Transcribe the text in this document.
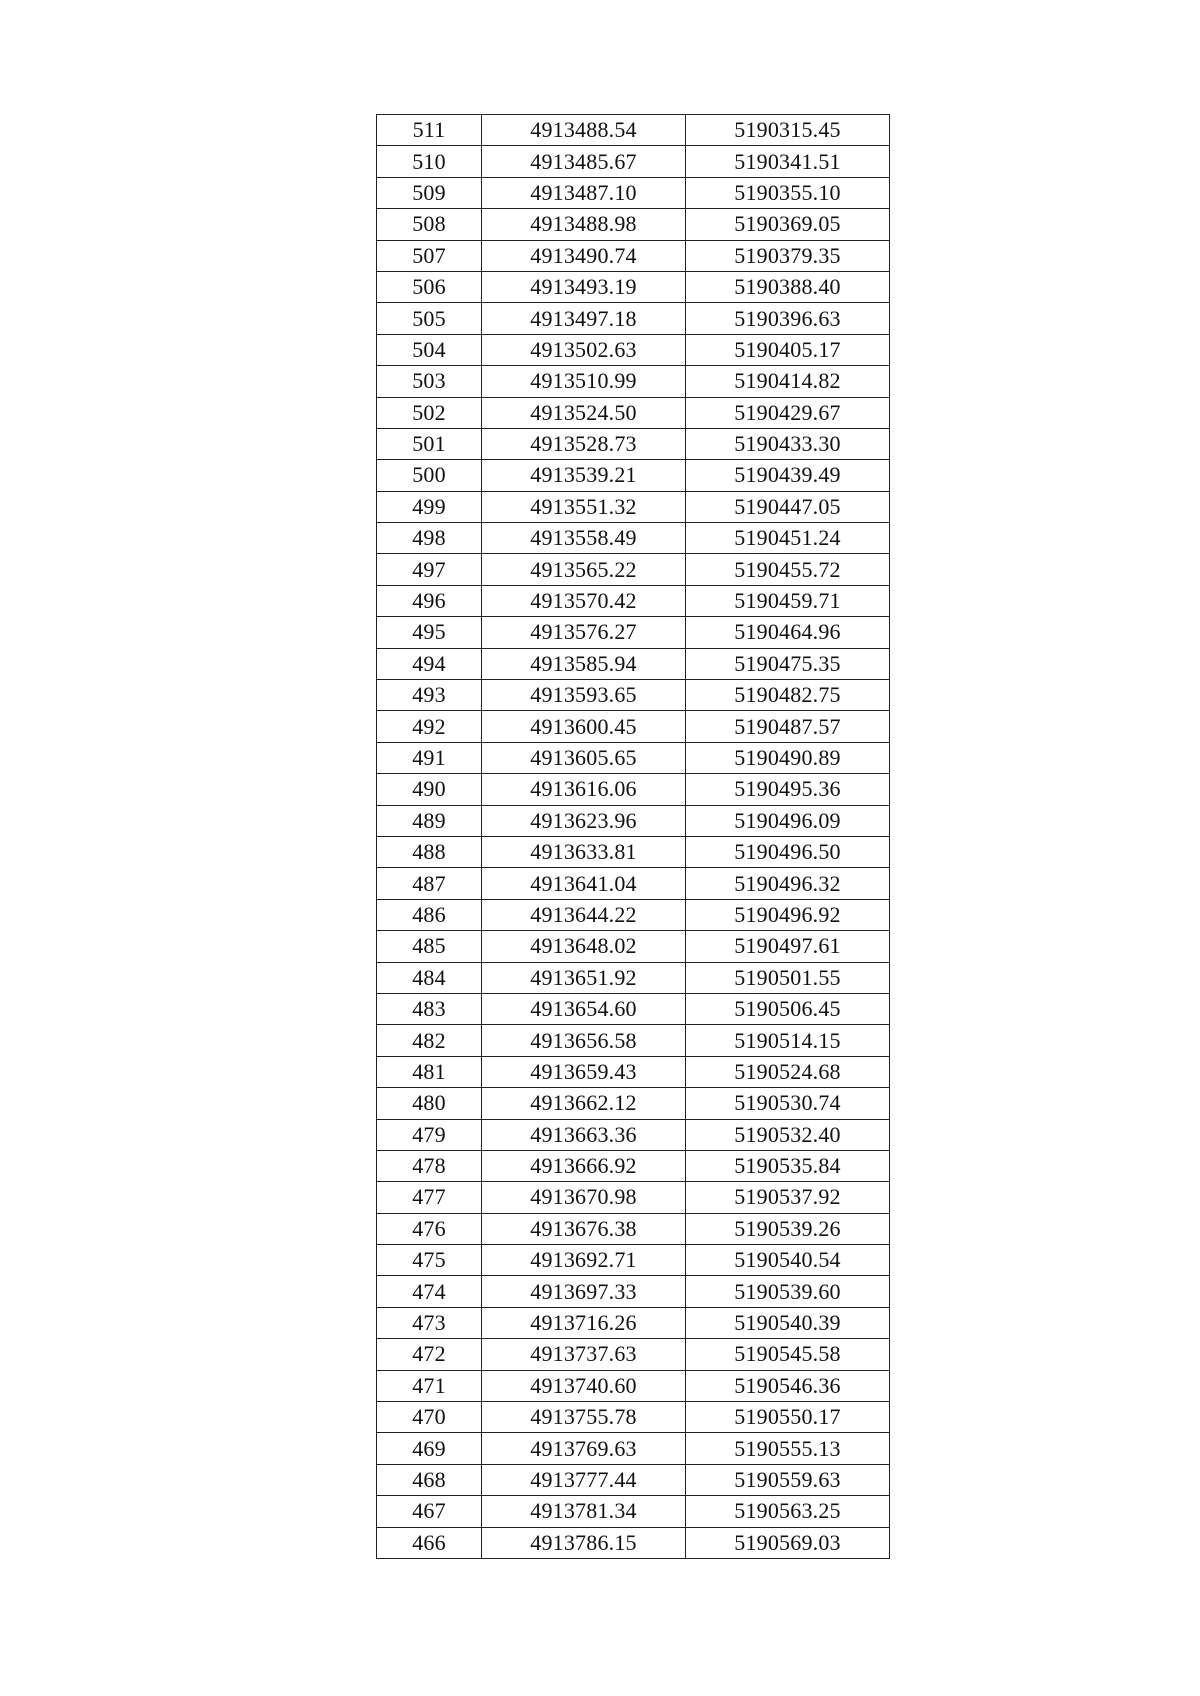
511	4913488.54	5190315.45
510	4913485.67	5190341.51
509	4913487.10	5190355.10
508	4913488.98	5190369.05
507	4913490.74	5190379.35
506	4913493.19	5190388.40
505	4913497.18	5190396.63
504	4913502.63	5190405.17
503	4913510.99	5190414.82
502	4913524.50	5190429.67
501	4913528.73	5190433.30
500	4913539.21	5190439.49
499	4913551.32	5190447.05
498	4913558.49	5190451.24
497	4913565.22	5190455.72
496	4913570.42	5190459.71
495	4913576.27	5190464.96
494	4913585.94	5190475.35
493	4913593.65	5190482.75
492	4913600.45	5190487.57
491	4913605.65	5190490.89
490	4913616.06	5190495.36
489	4913623.96	5190496.09
488	4913633.81	5190496.50
487	4913641.04	5190496.32
486	4913644.22	5190496.92
485	4913648.02	5190497.61
484	4913651.92	5190501.55
483	4913654.60	5190506.45
482	4913656.58	5190514.15
481	4913659.43	5190524.68
480	4913662.12	5190530.74
479	4913663.36	5190532.40
478	4913666.92	5190535.84
477	4913670.98	5190537.92
476	4913676.38	5190539.26
475	4913692.71	5190540.54
474	4913697.33	5190539.60
473	4913716.26	5190540.39
472	4913737.63	5190545.58
471	4913740.60	5190546.36
470	4913755.78	5190550.17
469	4913769.63	5190555.13
468	4913777.44	5190559.63
467	4913781.34	5190563.25
466	4913786.15	5190569.03
